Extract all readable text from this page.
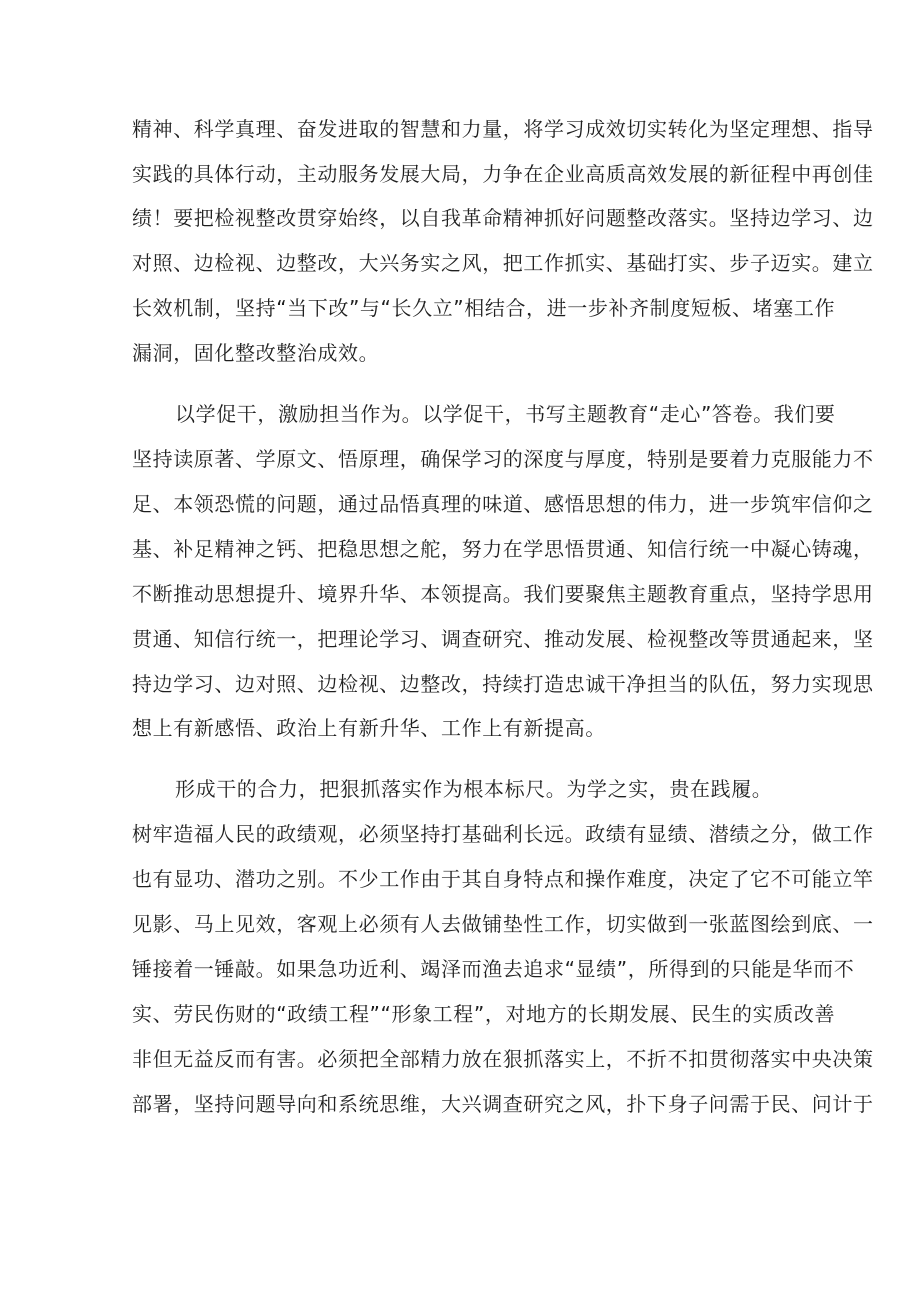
精神、科学真理、奋发进取的智慧和力量，将学习成效切实转化为坚定理想、指导
实践的具体行动，主动服务发展大局，力争在企业高质高效发展的新征程中再创佳
绩！要把检视整改贯穿始终，以自我革命精神抓好问题整改落实。坚持边学习、边
对照、边检视、边整改，大兴务实之风，把工作抓实、基础打实、步子迈实。建立
长效机制，坚持“当下改”与“长久立”相结合，进一步补齐制度短板、堵塞工作
漏洞，固化整改整治成效。
以学促干，激励担当作为。以学促干，书写主题教育“走心”答卷。我们要
坚持读原著、学原文、悟原理，确保学习的深度与厚度，特别是要着力克服能力不
足、本领恐慌的问题，通过品悟真理的味道、感悟思想的伟力，进一步筑牢信仰之
基、补足精神之钙、把稳思想之舵，努力在学思悟贯通、知信行统一中凝心铸魂，
不断推动思想提升、境界升华、本领提高。我们要聚焦主题教育重点，坚持学思用
贯通、知信行统一，把理论学习、调查研究、推动发展、检视整改等贯通起来，坚
持边学习、边对照、边检视、边整改，持续打造忠诚干净担当的队伍，努力实现思
想上有新感悟、政治上有新升华、工作上有新提高。
形成干的合力，把狠抓落实作为根本标尺。为学之实，贵在践履。
树牢造福人民的政绩观，必须坚持打基础利长远。政绩有显绩、潜绩之分，做工作
也有显功、潜功之别。不少工作由于其自身特点和操作难度，决定了它不可能立竿
见影、马上见效，客观上必须有人去做铺垫性工作，切实做到一张蓝图绘到底、一
锤接着一锤敲。如果急功近利、竭泽而渔去追求“显绩”，所得到的只能是华而不
实、劳民伤财的“政绩工程”“形象工程”，对地方的长期发展、民生的实质改善
非但无益反而有害。必须把全部精力放在狠抓落实上，不折不扣贯彻落实中央决策
部署，坚持问题导向和系统思维，大兴调查研究之风，扑下身子问需于民、问计于
